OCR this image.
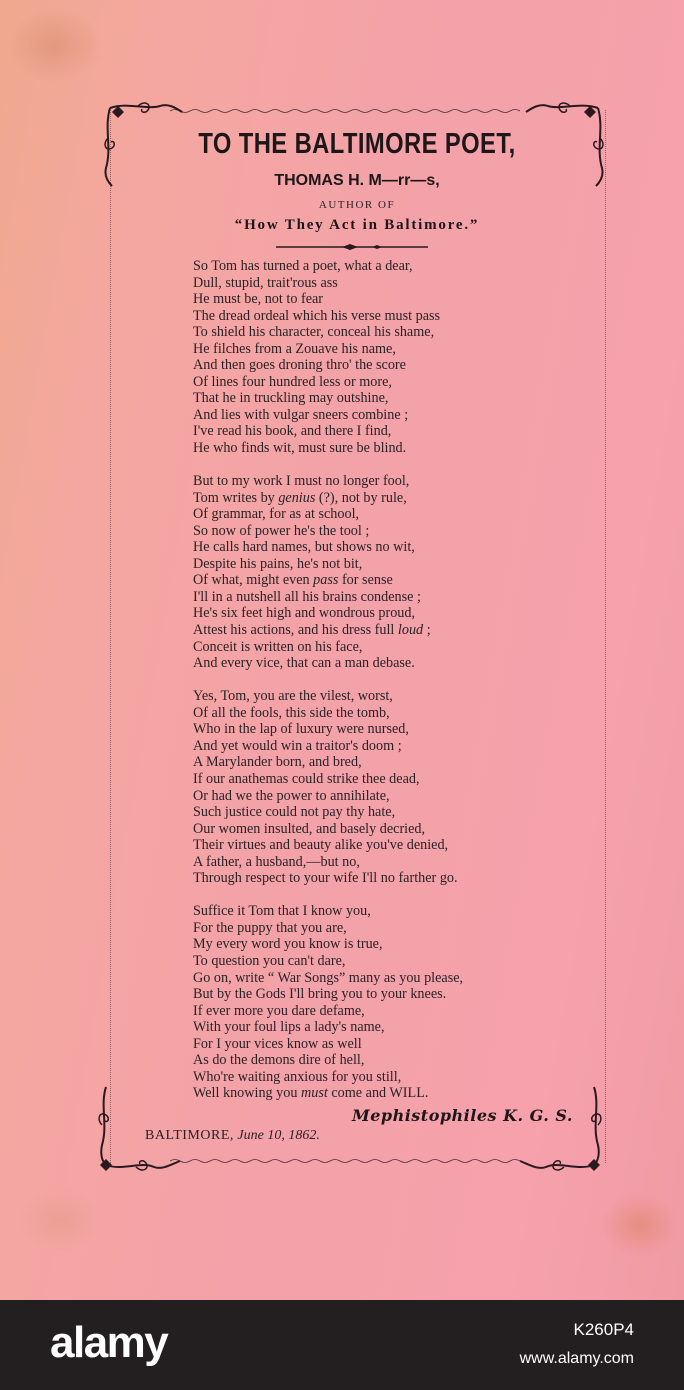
TO THE BALTIMORE POET,
THOMAS H. M—rr—s,
AUTHOR OF
“How They Act in Baltimore.”
So Tom has turned a poet, what a dear,
Dull, stupid, trait'rous ass
He must be, not to fear
The dread ordeal which his verse must pass
To shield his character, conceal his shame,
He filches from a Zouave his name,
And then goes droning thro' the score
Of lines four hundred less or more,
That he in truckling may outshine,
And lies with vulgar sneers combine ;
I've read his book, and there I find,
He who finds wit, must sure be blind.
But to my work I must no longer fool,
Tom writes by genius (?), not by rule,
Of grammar, for as at school,
So now of power he's the tool ;
He calls hard names, but shows no wit,
Despite his pains, he's not bit,
Of what, might even pass for sense
I'll in a nutshell all his brains condense ;
He's six feet high and wondrous proud,
Attest his actions, and his dress full loud ;
Conceit is written on his face,
And every vice, that can a man debase.
Yes, Tom, you are the vilest, worst,
Of all the fools, this side the tomb,
Who in the lap of luxury were nursed,
And yet would win a traitor's doom ;
A Marylander born, and bred,
If our anathemas could strike thee dead,
Or had we the power to annihilate,
Such justice could not pay thy hate,
Our women insulted, and basely decried,
Their virtues and beauty alike you've denied,
A father, a husband,—but no,
Through respect to your wife I'll no farther go.
Suffice it Tom that I know you,
For the puppy that you are,
My every word you know is true,
To question you can't dare,
Go on, write “ War Songs” many as you please,
But by the Gods I'll bring you to your knees.
If ever more you dare defame,
With your foul lips a lady's name,
For I your vices know as well
As do the demons dire of hell,
Who're waiting anxious for you still,
Well knowing you must come and WILL.
Mephistophiles K. G. S.
BALTIMORE, June 10, 1862.
alamy	K260P4
www.alamy.com
